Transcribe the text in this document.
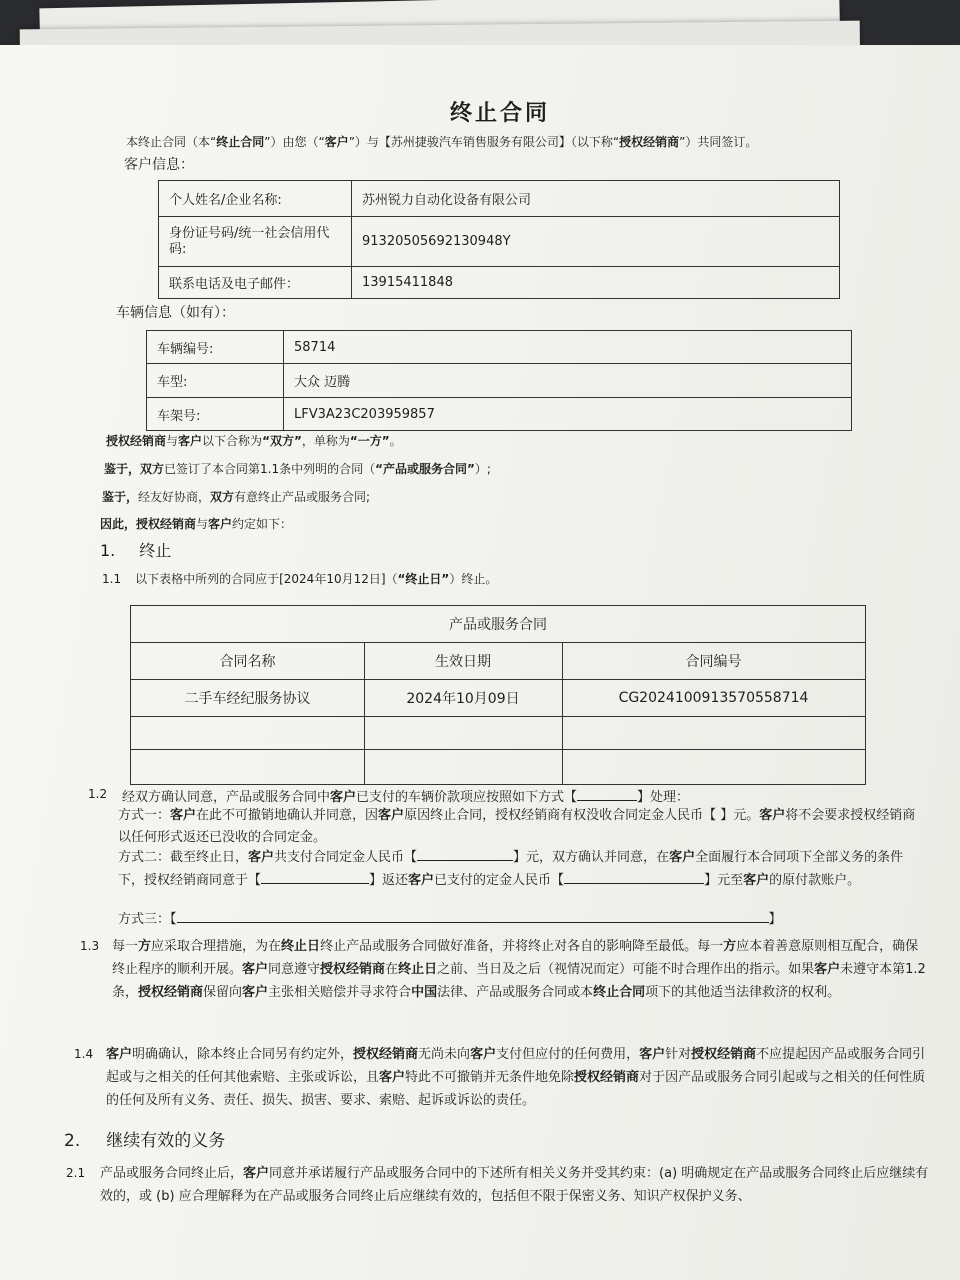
终止合同
本终止合同（本“终止合同”）由您（“客户”）与【苏州捷骏汽车销售服务有限公司】（以下称“授权经销商”）共同签订。
客户信息：
个人姓名/企业名称:	苏州锐力自动化设备有限公司
身份证号码/统一社会信用代码:	91320505692130948Y
联系电话及电子邮件：	13915411848
车辆信息（如有）：
车辆编号:	58714
车型:	大众 迈腾
车架号:	LFV3A23C203959857
授权经销商与客户以下合称为“双方”，单称为“一方”。
鉴于，双方已签订了本合同第1.1条中列明的合同（“产品或服务合同”）;
鉴于，经友好协商，双方有意终止产品或服务合同;
因此，授权经销商与客户约定如下：
1. 终止
1.1 以下表格中所列的合同应于[2024年10月12日]（“终止日”）终止。
产品或服务合同
合同名称	生效日期	合同编号
二手车经纪服务协议	2024年10月09日	CG2024100913570558714
1.2 经双方确认同意，产品或服务合同中客户已支付的车辆价款项应按照如下方式【	】处理：
方式一：客户在此不可撤销地确认并同意，因客户原因终止合同，授权经销商有权没收合同定金人民币【 】元。客户将不会要求授权经销商以任何形式返还已没收的合同定金。
方式二：截至终止日，客户共支付合同定金人民币【	】元，双方确认并同意，在客户全面履行本合同项下全部义务的条件下，授权经销商同意于【	】返还客户已支付的定金人民币【	】元至客户的原付款账户。
方式三：【	】
1.3 每一方应采取合理措施，为在终止日终止产品或服务合同做好准备，并将终止对各自的影响降至最低。每一方应本着善意原则相互配合，确保终止程序的顺利开展。客户同意遵守授权经销商在终止日之前、当日及之后（视情况而定）可能不时合理作出的指示。如果客户未遵守本第1.2条，授权经销商保留向客户主张相关赔偿并寻求符合中国法律、产品或服务合同或本终止合同项下的其他适当法律救济的权利。
1.4 客户明确确认，除本终止合同另有约定外，授权经销商无尚未向客户支付但应付的任何费用，客户针对授权经销商不应提起因产品或服务合同引起或与之相关的任何其他索赔、主张或诉讼，且客户特此不可撤销并无条件地免除授权经销商对于因产品或服务合同引起或与之相关的任何性质的任何及所有义务、责任、损失、损害、要求、索赔、起诉或诉讼的责任。
2. 继续有效的义务
2.1 产品或服务合同终止后，客户同意并承诺履行产品或服务合同中的下述所有相关义务并受其约束：(a) 明确规定在产品或服务合同终止后应继续有效的，或 (b) 应合理解释为在产品或服务合同终止后应继续有效的，包括但不限于保密义务、知识产权保护义务、
